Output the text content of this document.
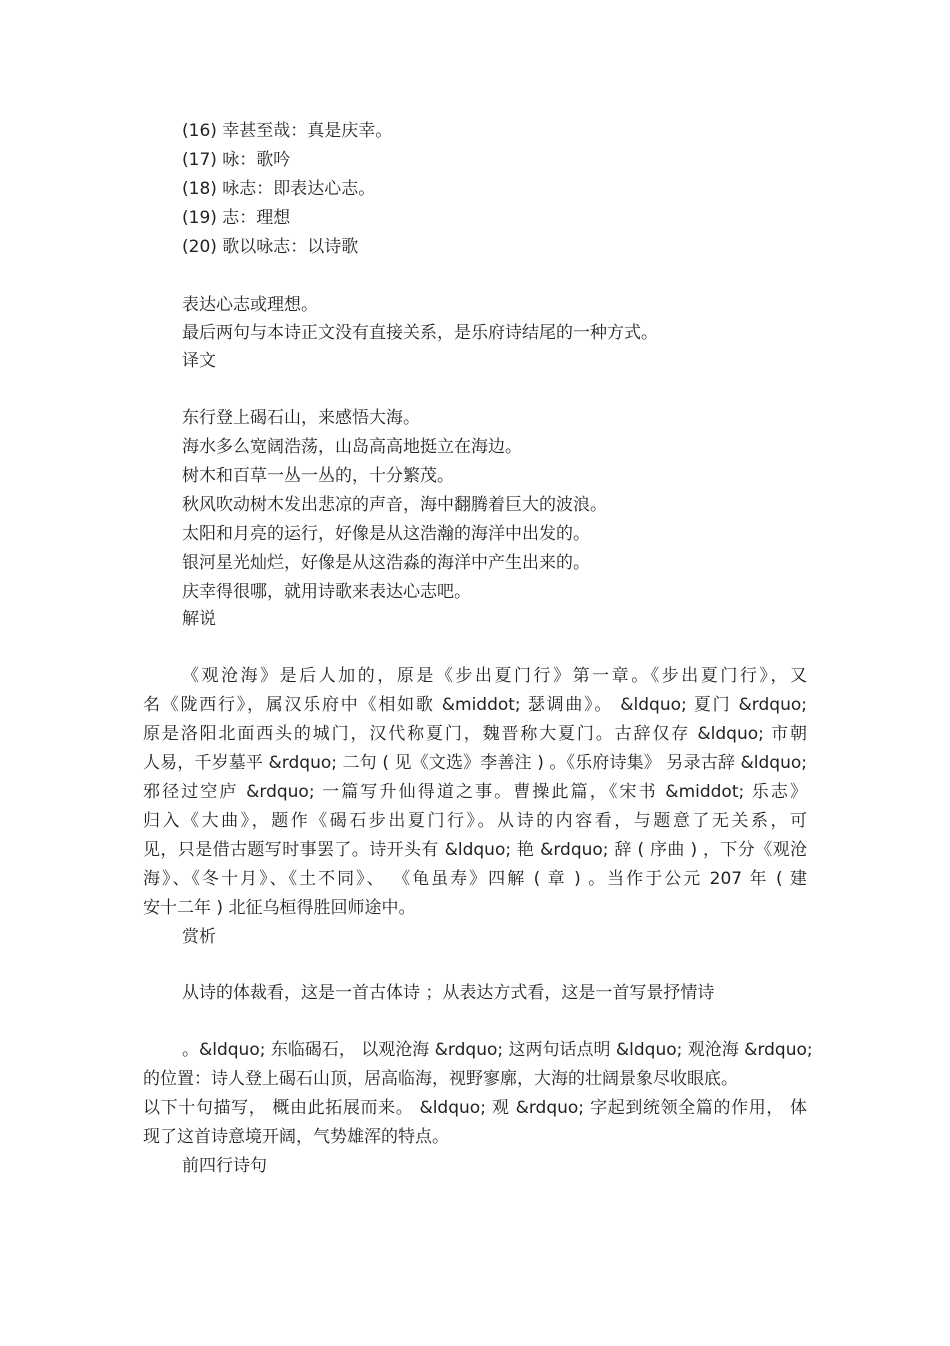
(16) 幸甚至哉：真是庆幸。
(17) 咏：歌吟
(18) 咏志：即表达心志。
(19) 志：理想
(20) 歌以咏志：以诗歌
表达心志或理想。
最后两句与本诗正文没有直接关系，是乐府诗结尾的一种方式。
译文
东行登上碣石山，来感悟大海。
海水多么宽阔浩荡，山岛高高地挺立在海边。
树木和百草一丛一丛的，十分繁茂。
秋风吹动树木发出悲凉的声音，海中翻腾着巨大的波浪。
太阳和月亮的运行，好像是从这浩瀚的海洋中出发的。
银河星光灿烂，好像是从这浩淼的海洋中产生出来的。
庆幸得很哪，就用诗歌来表达心志吧。
解说
《观沧海》是后人加的，原是《步出夏门行》第一章。《步出夏门行》，又
名《陇西行》，属汉乐府中《相如歌 &middot; 瑟调曲》。 &ldquo; 夏门 &rdquo;
原是洛阳北面西头的城门，汉代称夏门，魏晋称大夏门。古辞仅存 &ldquo; 市朝
人易，千岁墓平 &rdquo; 二句 ( 见《文选》李善注 ) 。《乐府诗集》 另录古辞 &ldquo;
邪径过空庐 &rdquo; 一篇写升仙得道之事。曹操此篇，《宋书 &middot; 乐志》
归入《大曲》，题作《碣石步出夏门行》。从诗的内容看，与题意了无关系，可
见，只是借古题写时事罢了。诗开头有 &ldquo; 艳 &rdquo; 辞 ( 序曲 ) ，下分《观沧
海》、《冬十月》、《土不同》、 《龟虽寿》四解 ( 章 ) 。当作于公元 207 年 ( 建
安十二年 ) 北征乌桓得胜回师途中。
赏析
从诗的体裁看，这是一首古体诗 ；从表达方式看，这是一首写景抒情诗
。&ldquo; 东临碣石， 以观沧海 &rdquo; 这两句话点明 &ldquo; 观沧海 &rdquo;
的位置：诗人登上碣石山顶，居高临海，视野寥廓，大海的壮阔景象尽收眼底。
以下十句描写， 概由此拓展而来。 &ldquo; 观 &rdquo; 字起到统领全篇的作用， 体
现了这首诗意境开阔，气势雄浑的特点。
前四行诗句
